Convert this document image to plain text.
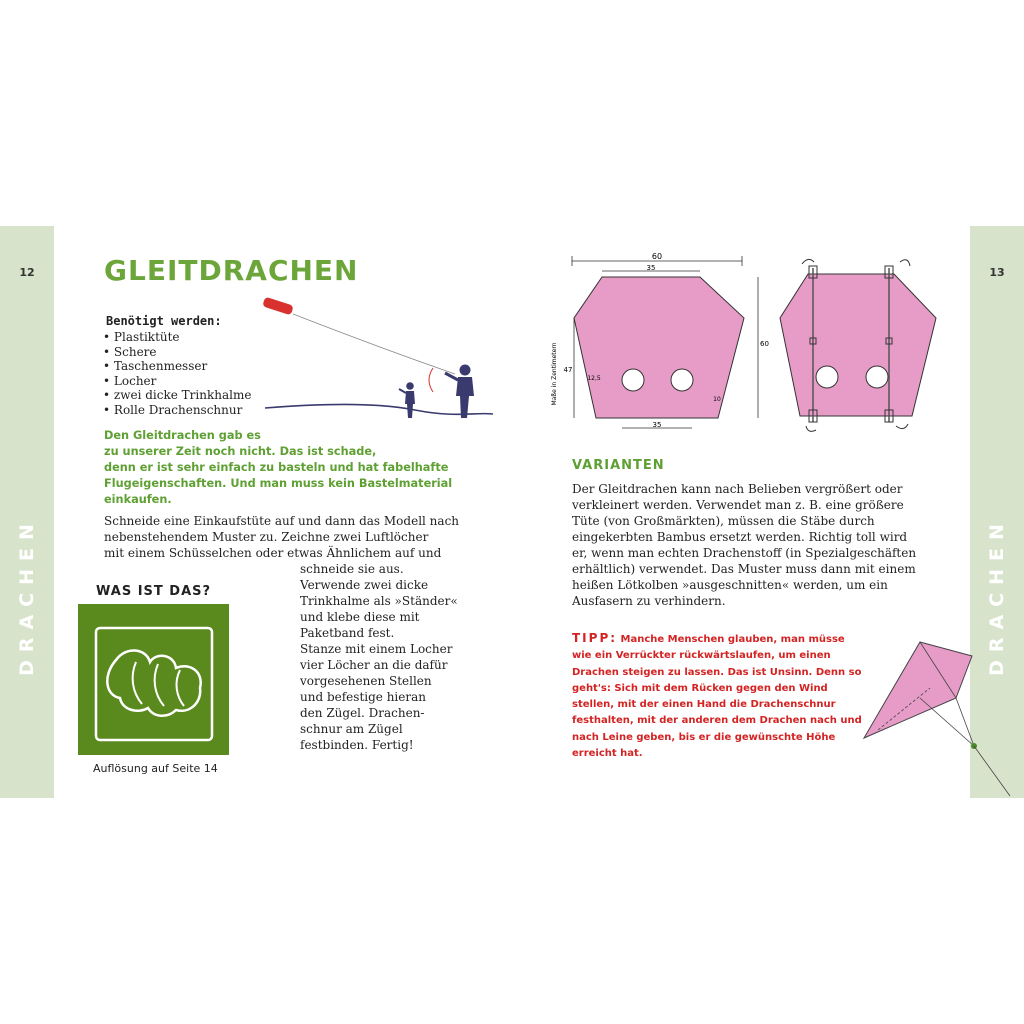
12
DRACHEN
13
DRACHEN
GLEITDRACHEN
Benötigt werden:
• Plastiktüte
• Schere
• Taschenmesser
• Locher
• zwei dicke Trinkhalme
• Rolle Drachenschnur
Den Gleitdrachen gab es
zu unserer Zeit noch nicht. Das ist schade,
denn er ist sehr einfach zu basteln und hat fabelhafte
Flugeigenschaften. Und man muss kein Bastelmaterial
einkaufen.
Schneide eine Einkaufstüte auf und dann das Modell nach
nebenstehendem Muster zu. Zeichne zwei Luftlöcher
mit einem Schüsselchen oder etwas Ähnlichem auf und
schneide sie aus.
Verwende zwei dicke
Trinkhalme als »Ständer«
und klebe diese mit
Paketband fest.
Stanze mit einem Locher
vier Löcher an die dafür
vorgesehenen Stellen
und befestige hieran
den Zügel. Drachen-
schnur am Zügel
festbinden. Fertig!
WAS IST DAS?
Auflösung auf Seite 14
60
35
47
12,5
10
35
60
Maße in Zentimetern
VARIANTEN
Der Gleitdrachen kann nach Belieben vergrößert oder
verkleinert werden. Verwendet man z. B. eine größere
Tüte (von Großmärkten), müssen die Stäbe durch
eingekerbten Bambus ersetzt werden. Richtig toll wird
er, wenn man echten Drachenstoff (in Spezialgeschäften
erhältlich) verwendet. Das Muster muss dann mit einem
heißen Lötkolben »ausgeschnitten« werden, um ein
Ausfasern zu verhindern.
TIPP: Manche Menschen glauben, man müsse wie ein Verrückter rückwärtslaufen, um einen Drachen steigen zu lassen. Das ist Unsinn. Denn so geht's: Sich mit dem Rücken gegen den Wind stellen, mit der einen Hand die Drachenschnur festhalten, mit der anderen dem Drachen nach und nach Leine geben, bis er die gewünschte Höhe erreicht hat.
